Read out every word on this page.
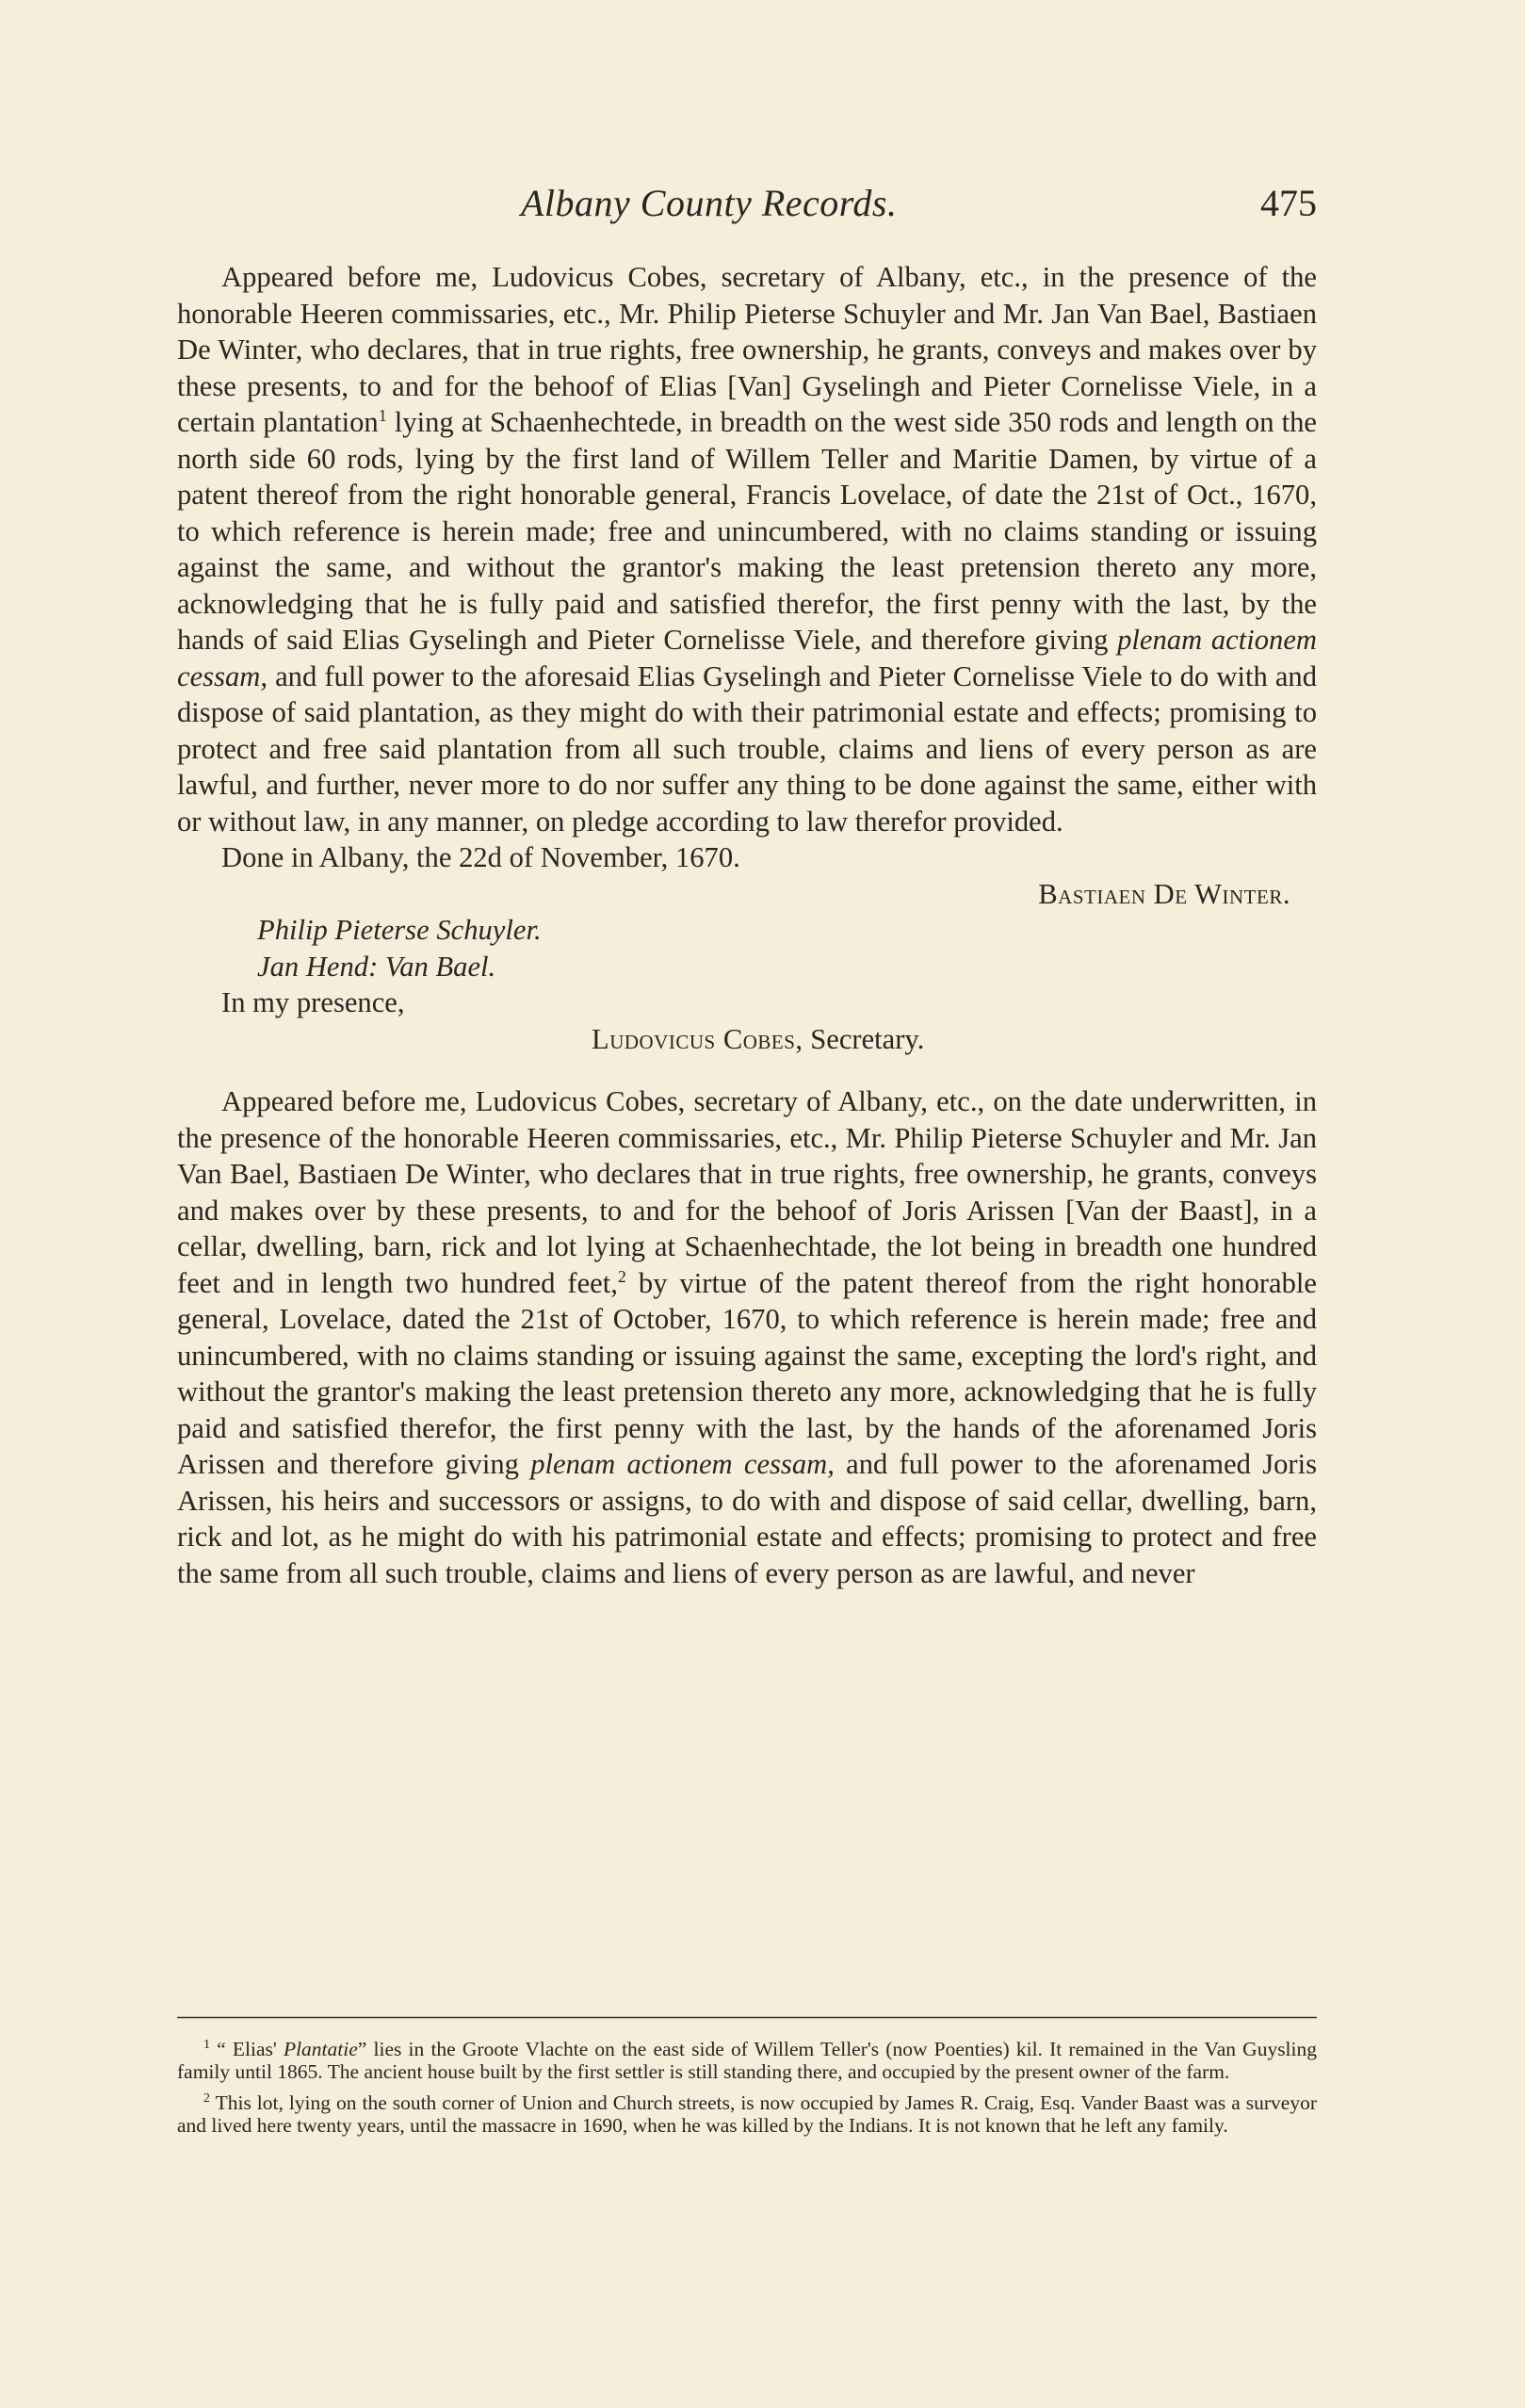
Albany County Records.	475

Appeared before me, Ludovicus Cobes, secretary of Albany, etc., in the presence of the honorable Heeren commissaries, etc., Mr. Philip Pieterse Schuyler and Mr. Jan Van Bael, Bastiaen De Winter, who declares, that in true rights, free ownership, he grants, conveys and makes over by these presents, to and for the behoof of Elias [Van] Gyselingh and Pieter Cornelisse Viele, in a certain plantation$^1$ lying at Schaenhechtede, in breadth on the west side 350 rods and length on the north side 60 rods, lying by the first land of Willem Teller and Maritie Damen, by virtue of a patent thereof from the right honorable general, Francis Lovelace, of date the 21st of Oct., 1670, to which reference is herein made; free and unincumbered, with no claims standing or issuing against the same, and without the grantor's making the least pretension thereto any more, acknowledging that he is fully paid and satisfied therefor, the first penny with the last, by the hands of said Elias Gyselingh and Pieter Cornelisse Viele, and therefore giving plenam actionem cessam, and full power to the aforesaid Elias Gyselingh and Pieter Cornelisse Viele to do with and dispose of said plantation, as they might do with their patrimonial estate and effects; promising to protect and free said plantation from all such trouble, claims and liens of every person as are lawful, and further, never more to do nor suffer any thing to be done against the same, either with or without law, in any manner, on pledge according to law therefor provided.

Done in Albany, the 22d of November, 1670.

Bastiaen De Winter.

Philip Pieterse Schuyler.

Jan Hend: Van Bael.

In my presence,

Ludovicus Cobes, Secretary.

Appeared before me, Ludovicus Cobes, secretary of Albany, etc., on the date underwritten, in the presence of the honorable Heeren commissaries, etc., Mr. Philip Pieterse Schuyler and Mr. Jan Van Bael, Bastiaen De Winter, who declares that in true rights, free ownership, he grants, conveys and makes over by these presents, to and for the behoof of Joris Arissen [Van der Baast], in a cellar, dwelling, barn, rick and lot lying at Schaenhechtade, the lot being in breadth one hundred feet and in length two hundred feet,$^2$ by virtue of the patent thereof from the right honorable general, Lovelace, dated the 21st of October, 1670, to which reference is herein made; free and unincumbered, with no claims standing or issuing against the same, excepting the lord's right, and without the grantor's making the least pretension thereto any more, acknowledging that he is fully paid and satisfied therefor, the first penny with the last, by the hands of the aforenamed Joris Arissen and therefore giving plenam actionem cessam, and full power to the aforenamed Joris Arissen, his heirs and successors or assigns, to do with and dispose of said cellar, dwelling, barn, rick and lot, as he might do with his patrimonial estate and effects; promising to protect and free the same from all such trouble, claims and liens of every person as are lawful, and never

$^1$ “ Elias' Plantatie” lies in the Groote Vlachte on the east side of Willem Teller's (now Poenties) kil. It remained in the Van Guysling family until 1865. The ancient house built by the first settler is still standing there, and occupied by the present owner of the farm.

$^2$ This lot, lying on the south corner of Union and Church streets, is now occupied by James R. Craig, Esq. Vander Baast was a surveyor and lived here twenty years, until the massacre in 1690, when he was killed by the Indians. It is not known that he left any family.
